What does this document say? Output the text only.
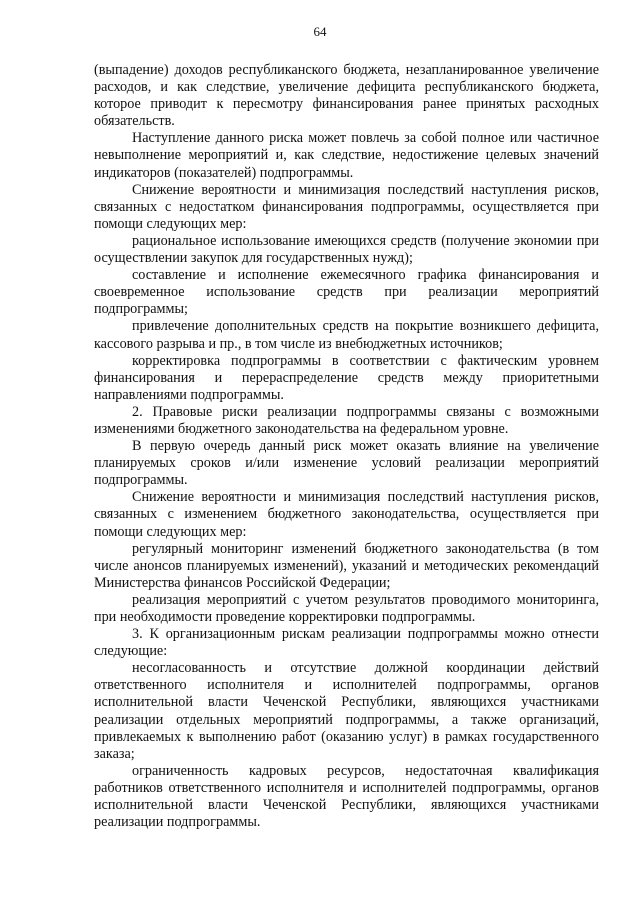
64

(выпадение) доходов республиканского бюджета, незапланированное увеличение расходов, и как следствие, увеличение дефицита республиканского бюджета, которое приводит к пересмотру финансирования ранее принятых расходных обязательств.

Наступление данного риска может повлечь за собой полное или частичное невыполнение мероприятий и, как следствие, недостижение целевых значений индикаторов (показателей) подпрограммы.

Снижение вероятности и минимизация последствий наступления рисков, связанных с недостатком финансирования подпрограммы, осуществляется при помощи следующих мер:

рациональное использование имеющихся средств (получение экономии при осуществлении закупок для государственных нужд);

составление и исполнение ежемесячного графика финансирования и своевременное использование средств при реализации мероприятий подпрограммы;

привлечение дополнительных средств на покрытие возникшего дефицита, кассового разрыва и пр., в том числе из внебюджетных источников;

корректировка подпрограммы в соответствии с фактическим уровнем финансирования и перераспределение средств между приоритетными направлениями подпрограммы.

2. Правовые риски реализации подпрограммы связаны с возможными изменениями бюджетного законодательства на федеральном уровне.

В первую очередь данный риск может оказать влияние на увеличение планируемых сроков и/или изменение условий реализации мероприятий подпрограммы.

Снижение вероятности и минимизация последствий наступления рисков, связанных с изменением бюджетного законодательства, осуществляется при помощи следующих мер:

регулярный мониторинг изменений бюджетного законодательства (в том числе анонсов планируемых изменений), указаний и методических рекомендаций Министерства финансов Российской Федерации;

реализация мероприятий с учетом результатов проводимого мониторинга, при необходимости проведение корректировки подпрограммы.

3. К организационным рискам реализации подпрограммы можно отнести следующие:

несогласованность и отсутствие должной координации действий ответственного исполнителя и исполнителей подпрограммы, органов исполнительной власти Чеченской Республики, являющихся участниками реализации отдельных мероприятий подпрограммы, а также организаций, привлекаемых к выполнению работ (оказанию услуг) в рамках государственного заказа;

ограниченность кадровых ресурсов, недостаточная квалификация работников ответственного исполнителя и исполнителей подпрограммы, органов исполнительной власти Чеченской Республики, являющихся участниками реализации подпрограммы.
